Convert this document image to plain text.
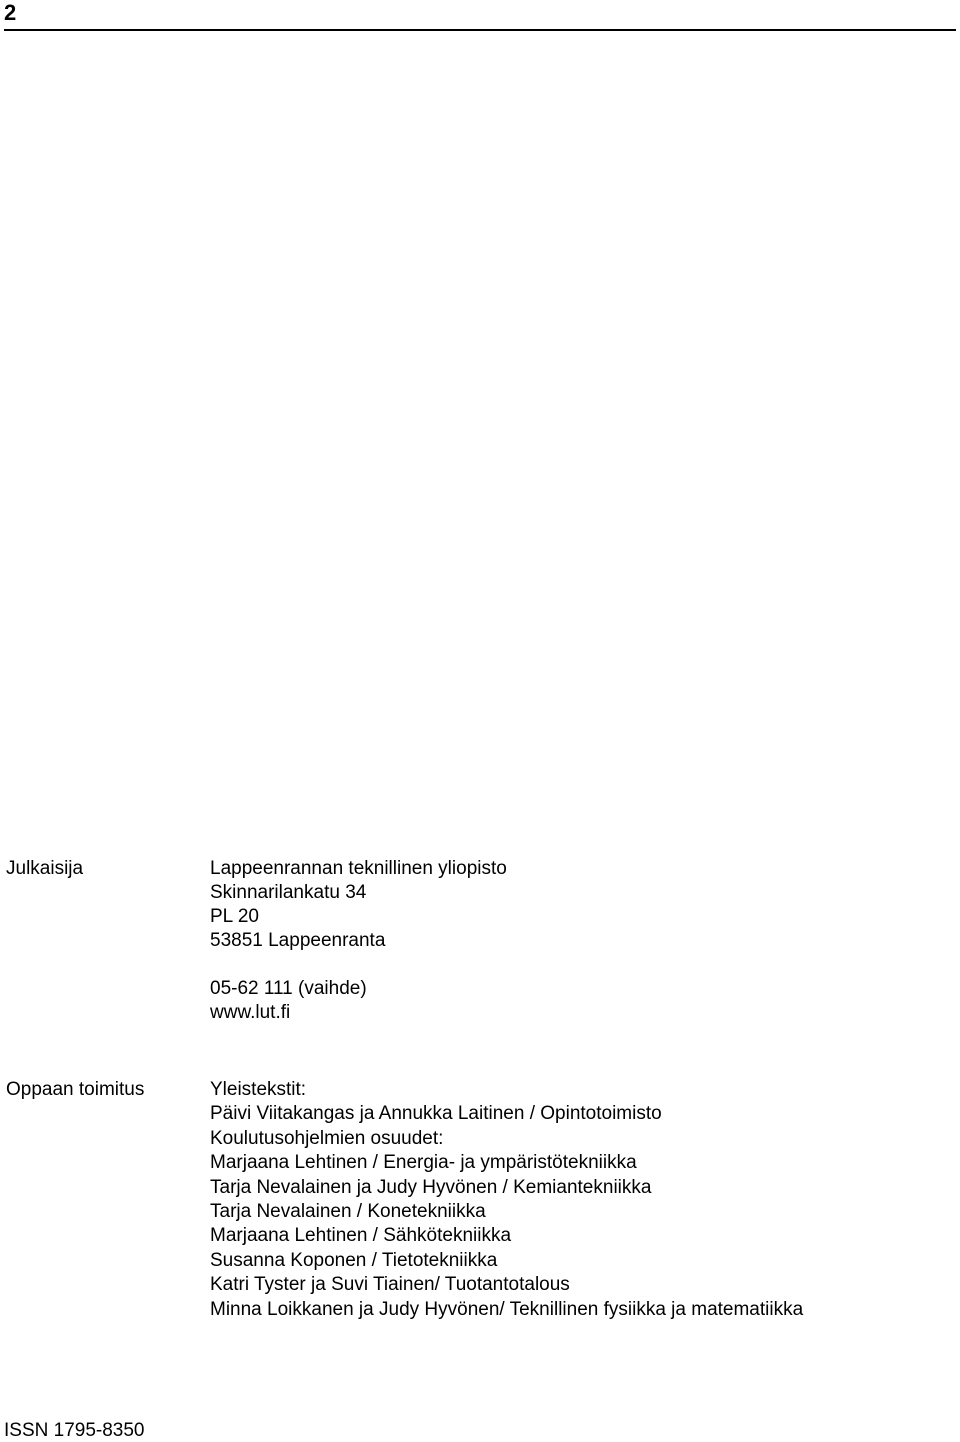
2
Julkaisija	Lappeenrannan teknillinen yliopisto
Skinnarilankatu 34
PL 20
53851 Lappeenranta
05-62 111 (vaihde)
www.lut.fi
Oppaan toimitus	Yleistekstit:
Päivi Viitakangas ja Annukka Laitinen / Opintotoimisto
Koulutusohjelmien osuudet:
Marjaana Lehtinen / Energia- ja ympäristötekniikka
Tarja Nevalainen ja Judy Hyvönen / Kemiantekniikka
Tarja Nevalainen / Konetekniikka
Marjaana Lehtinen / Sähkötekniikka
Susanna Koponen / Tietotekniikka
Katri Tyster ja Suvi Tiainen/ Tuotantotalous
Minna Loikkanen ja Judy Hyvönen/ Teknillinen fysiikka ja matematiikka
ISSN 1795-8350
